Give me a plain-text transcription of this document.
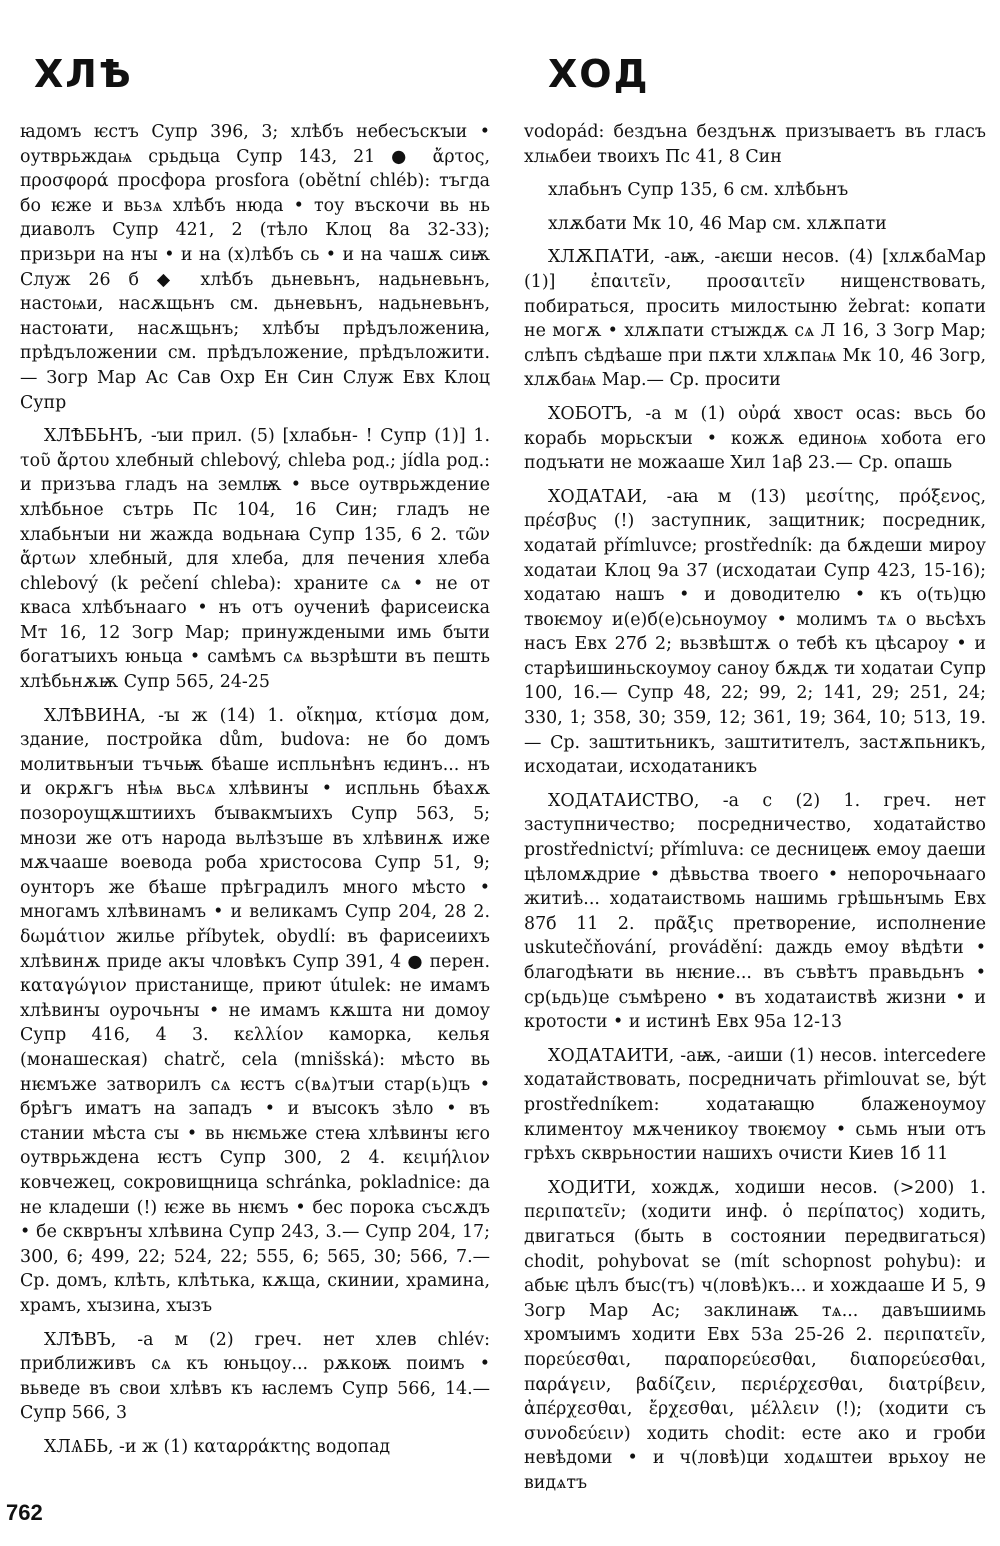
ХЛѢ	ХОД

ꙗдомъ ѥстъ Супр 396, 3; хлѣбъ небесъскꙑи • оутврьждаѩ срьдьца Супр 143, 21 ● ἄρτος, προσφορά просфора prosfora (obětní chléb): тъгда бо ѥже и вьзѧ хлѣбъ нюда • тоу въскочи вь нь диаволъ Супр 421, 2 (тѣло Клоц 8а 32-33); призьри на нꙑ • и на (х)лѣбъ сь • и на чашѫ сиѭ Служ 26 б ◆ хлѣбъ дьневьнъ, надьневьнъ, настоѩи, насѫщьнъ см. дьневьнъ, надьневьнъ, настоꙗти, насѫщьнъ; хлѣбꙑ прѣдъложениꙗ, прѣдъложении см. прѣдъложение, прѣдъложити.— Зогр Мар Ас Сав Охр Ен Син Служ Евх Клоц Супр

ХЛѢБЬНЪ, -ꙑи прил. (5) [хлабьн- ! Супр (1)] 1. τοῦ ἄρτου хлебный chlebový, chleba род.; jídla род.: и призъва гладъ на землѭ • вьсе оутврьждение хлѣбьное сътрь Пс 104, 16 Син; гладъ не хлабьнꙑи ни жажда водьнаꙗ Супр 135, 6 2. τῶν ἄρτων хлебный, для хлеба, для печения хлеба chlebový (k pečení chleba): храните сѧ • не от кваса хлѣбънааго • нъ отъ оучениѣ фарисеиска Мт 16, 12 Зогр Мар; принуждеными имь бꙑти богатꙑихъ юньца • самѣмъ сѧ вьзрѣшти въ пешть хлѣбьнѫѭ Супр 565, 24-25

ХЛѢВИНА, -ꙑ ж (14) 1. οἴκημα, κτίσμα дом, здание, постройка dům, budova: не бо домъ молитвьнꙑи тъчьѭ бѣаше испльнѣнъ ѥдинъ... нъ и окрѫгъ нѣѩ вьсѧ хлѣвинꙑ • испльнь бѣахѫ позороущѫштиихъ бꙑвакмꙑихъ Супр 563, 5; мнози же отъ народа вьлѣзъше въ хлѣвинѫ иже мѫчааше воевода роба христосова Супр 51, 9; оунторъ же бѣаше прѣградилъ много мѣсто • многамъ хлѣвинамъ • и великамъ Супр 204, 28 2. δωμάτιον жилье příbytek, obydlí: въ фарисеиихъ хлѣвинѫ приде акꙑ чловѣкъ Супр 391, 4 ● перен. καταγώγιον пристанище, приют útulek: не имамъ хлѣвинꙑ оурочьнꙑ • не имамъ кѫшта ни домоу Супр 416, 4 3. κελλίον каморка, келья (монашеская) chatrč, cela (mnišská): мѣсто вь нѥмъже затворилъ сѧ ѥстъ с(вѧ)тꙑи стар(ь)цъ • брѣгъ иматъ на западъ • и вꙑсокъ зѣло • въ стании мѣста сꙑ • вь нѥмьже стеꙗ хлѣвинꙑ ѥго оутврьждена ѥстъ Супр 300, 2 4. κειμήλιον ковчежец, сокровищница schránka, pokladnice: да не кладеши (!) ѥже вь нѥмъ • бес порока съсѫдъ • бе скврънꙑ хлѣвина Супр 243, 3.— Супр 204, 17; 300, 6; 499, 22; 524, 22; 555, 6; 565, 30; 566, 7.— Ср. домъ, клѣть, клѣтька, кѫща, скинии, храмина, храмъ, хꙑзина, хꙑзъ

ХЛѢВЪ, -а м (2) греч. нет хлев chlév: приближивъ сѧ къ юньцоу... рѫкоѭ поимъ • вьведе въ свои хлѣвъ къ ꙗслемъ Супр 566, 14.— Супр 566, 3

ХЛѦБЬ, -и ж (1) καταρράκτης водопад

vodopád: бездъна бездънѫ призꙑваетъ въ гласъ хлѩбеи твоихъ Пс 41, 8 Син

хлабьнъ Супр 135, 6 см. хлѣбьнъ

хлѫбати Мк 10, 46 Мар см. хлѫпати

ХЛѪПАТИ, -аѭ, -аѥши несов. (4) [хлѫбаМар (1)] ἐπαιτεῖν, προσαιτεῖν нищенствовать, побираться, просить милостыню žebrat: копати не могѫ • хлѫпати стꙑждѫ сѧ Л 16, 3 Зогр Мар; слѣпъ сѣдѣаше при пѫти хлѫпаѩ Мк 10, 46 Зогр, хлѫбаѩ Мар.— Ср. просити

ХОБОТЪ, -а м (1) οὐρά хвост ocas: вьсь бо корабь морьскꙑи • кожѫ единоѩ хобота его подъꙗти не можааше Хил 1аβ 23.— Ср. опашь

ХОДАТАИ, -аꙗ м (13) μεσίτης, πρόξενος, πρέσβυς (!) заступник, защитник; посредник, ходатай přímluvce; prostředník: да бѫдеши мироу ходатаи Клоц 9а 37 (исходатаи Супр 423, 15-16); ходатаю нашъ • и доводителю • къ о(ть)цю твоѥмоу и(е)б(е)сьноумоу • молимъ тѧ о вьсѣхъ насъ Евх 27б 2; вьзвѣштѫ о тебѣ къ цѣсароу • и старѣишиньскоумоу саноу бѫдѫ ти ходатаи Супр 100, 16.— Супр 48, 22; 99, 2; 141, 29; 251, 24; 330, 1; 358, 30; 359, 12; 361, 19; 364, 10; 513, 19.— Ср. заштитьникъ, заштитителъ, застѫпьникъ, исходатаи, исходатаникъ

ХОДАТАИСТВО, -а с (2) 1. греч. нет заступничество; посредничество, ходатайство prostřednictví; přímluva: се десницеѭ емоу даеши цѣломѫдрие • дѣвьства твоего • непорочьнааго житиѣ... ходатаиствомь нашимь грѣшьнꙑмь Евх 87б 11 2. πρᾶξις претворение, исполнение uskutečňování, provádění: даждь емоу вѣдѣти • благодѣꙗти вь нѥние... въ съвѣтъ правьдьнъ • ср(ьдь)це съмѣрено • въ ходатаиствѣ жизни • и кротости • и истинѣ Евх 95а 12-13

ХОДАТАИТИ, -аѭ, -аиши (1) несов. intercedere ходатайствовать, посредничать přimlouvat se, být prostředníkem: ходатаꙗщю блаженоумоу климентоу мѫченикоу твоѥмоу • сьмь нꙑи отъ грѣхъ скврьностии нашихъ очисти Киев 1б 11

ХОДИТИ, хождѫ, ходиши несов. (>200) 1. περιπατεῖν; (ходити инф. ὁ περίπατος) ходить, двигаться (быть в состоянии передвигаться) chodit, pohybovat se (mít schopnost pohybu): и абьѥ цѣлъ бꙑс(тъ) ч(ловѣ)къ... и хождааше И 5, 9 Зогр Мар Ас; заклинаѭ тѧ... давъшиимь хромꙑимъ ходити Евх 53а 25-26 2. περιπατεῖν, πορεύεσθαι, παραπορεύεσθαι, διαπορεύεσθαι, παράγειν, βαδίζειν, περιέρχεσθαι, διατρίβειν, ἀπέρχεσθαι, ἔρχεσθαι, μέλλειν (!); (ходити съ συνοδεύειν) ходить chodit: есте ако и гроби невѣдоми • и ч(ловѣ)ци ходѧштеи врьхоу не видѧтъ

762
